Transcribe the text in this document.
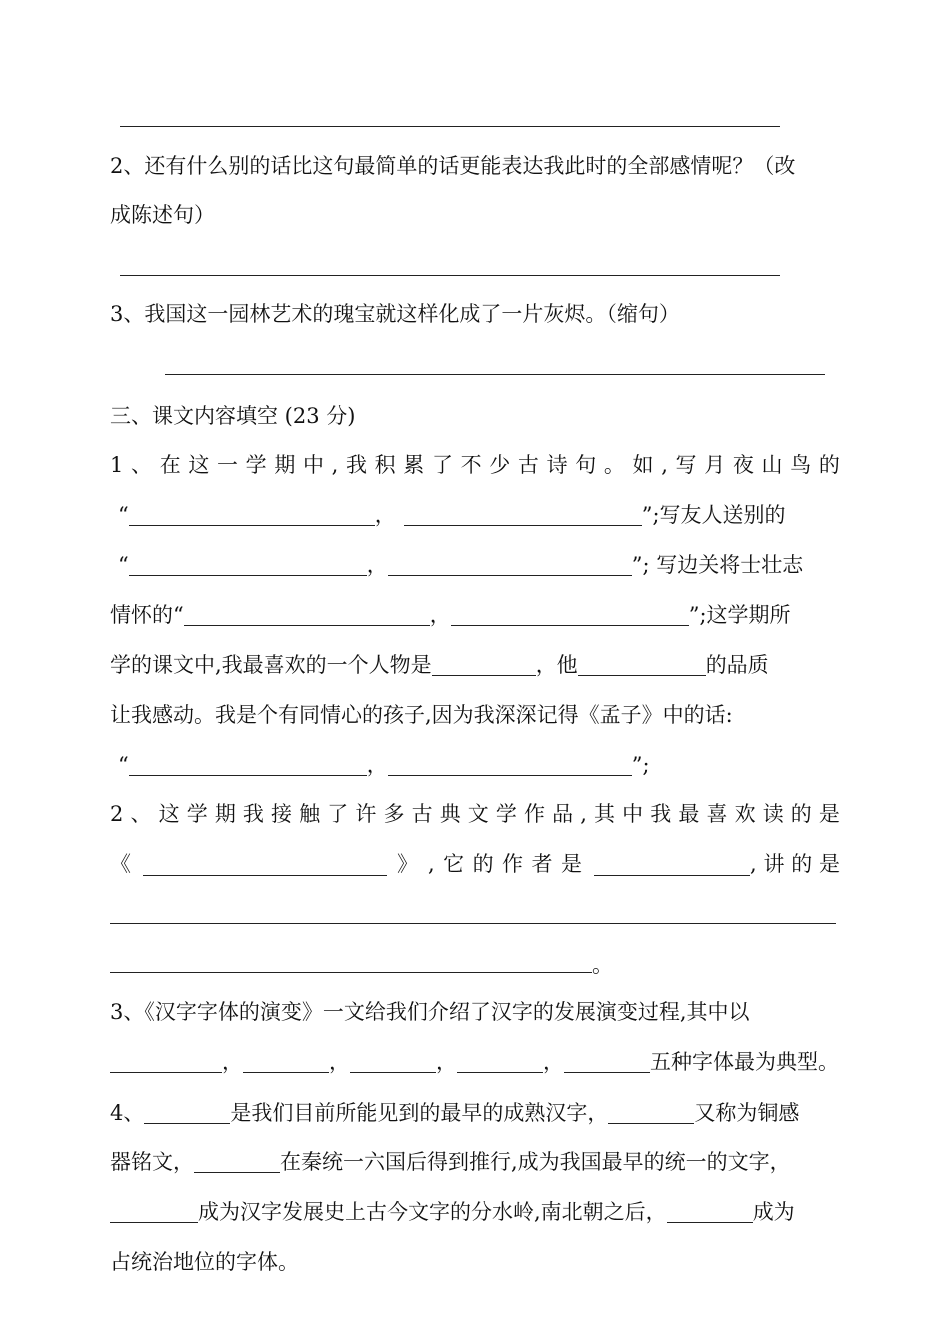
2、还有什么别的话比这句最简单的话更能表达我此时的全部感情呢？（改
成陈述句）
3、我国这一园林艺术的瑰宝就这样化成了一片灰烬。（缩句）
三、课文内容填空 (23 分)
1 、 在 这 一 学 期 中 , 我 积 累 了 不 少 古 诗 句 。 如 , 写 月 夜 山 鸟 的
“	，	”;写友人送别的
“	，	”; 写边关将士壮志
情怀的“	，	”;这学期所
学的课文中,我最喜欢的一个人物是	，他	的品质
让我感动。我是个有同情心的孩子,因为我深深记得《孟子》中的话:
“	，	”;
2 、 这 学 期 我 接 触 了 许 多 古 典 文 学 作 品 , 其 中 我 最 喜 欢 读 的 是
《	》 , 它 的 作 者 是	, 讲 的 是
。
3、《汉字字体的演变》一文给我们介绍了汉字的发展演变过程,其中以
，	，	，	，	五种字体最为典型。
4、	是我们目前所能见到的最早的成熟汉字，	又称为铜感
器铭文，	在秦统一六国后得到推行,成为我国最早的统一的文字，
成为汉字发展史上古今文字的分水岭,南北朝之后，	成为
占统治地位的字体。
